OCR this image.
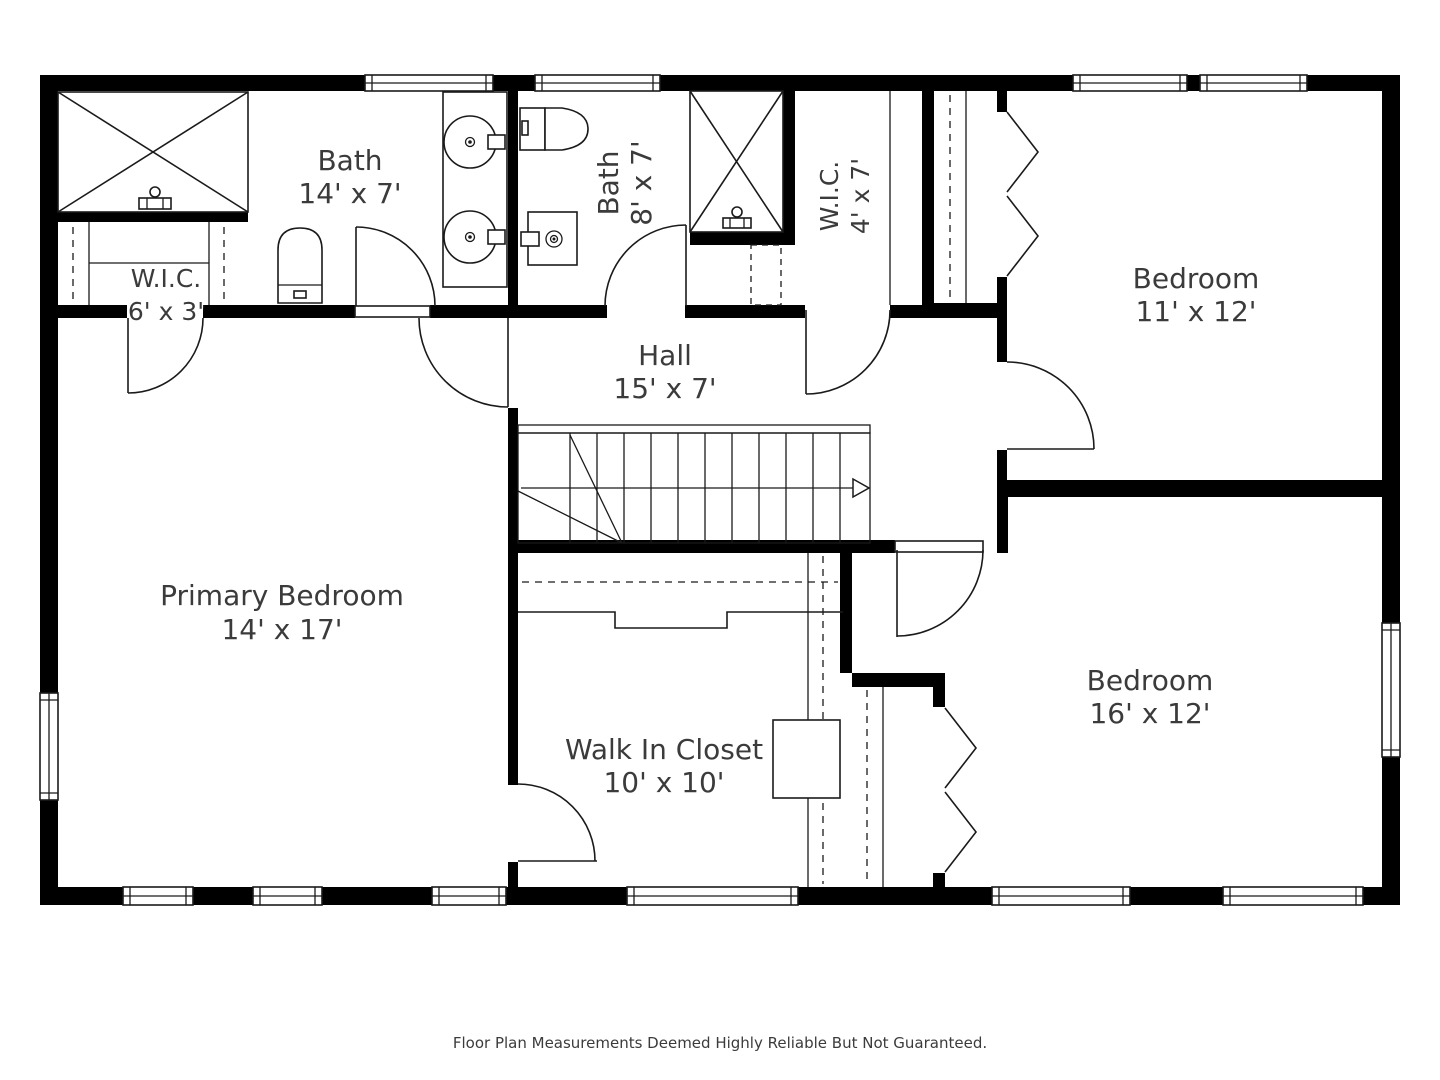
Bath
14' x 7'
W.I.C.
6' x 3'
Bath 8' x 7'	W.I.C. 4' x 7'
Bedroom
11' x 12'
Hall
15' x 7'
Primary Bedroom
14' x 17'
Walk In Closet
10' x 10'
Bedroom
16' x 12'
Floor Plan Measurements Deemed Highly Reliable But Not Guaranteed.
